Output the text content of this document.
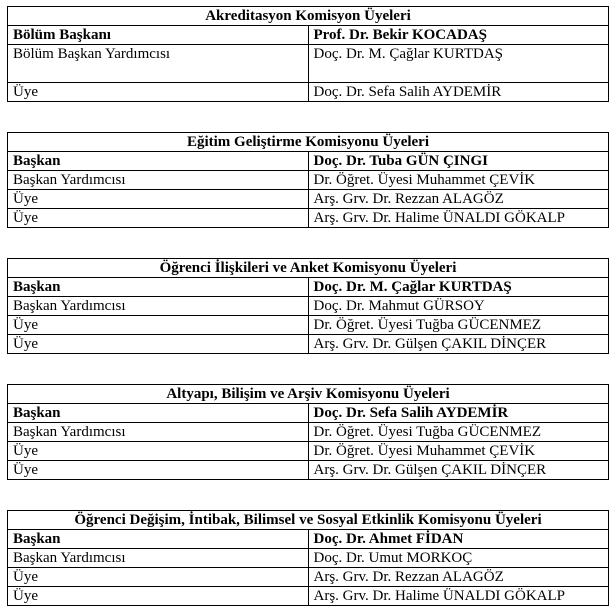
Akreditasyon Komisyon Üyeleri	
Bölüm Başkanı	Prof. Dr. Bekir KOCADAŞ
Bölüm Başkan Yardımcısı	Doç. Dr. M. Çağlar KURTDAŞ
Üye	Doç. Dr. Sefa Salih AYDEMİR
Eğitim Geliştirme Komisyonu Üyeleri	
Başkan	Doç. Dr. Tuba GÜN ÇINGI
Başkan Yardımcısı	Dr. Öğret. Üyesi Muhammet ÇEVİK
Üye	Arş. Grv. Dr. Rezzan ALAGÖZ
Üye	Arş. Grv. Dr. Halime ÜNALDI GÖKALP
Öğrenci İlişkileri ve Anket Komisyonu Üyeleri	
Başkan	Doç. Dr. M. Çağlar KURTDAŞ
Başkan Yardımcısı	Doç. Dr. Mahmut GÜRSOY
Üye	Dr. Öğret. Üyesi Tuğba GÜCENMEZ
Üye	Arş. Grv. Dr. Gülşen ÇAKIL DİNÇER
Altyapı, Bilişim ve Arşiv Komisyonu Üyeleri	
Başkan	Doç. Dr. Sefa Salih AYDEMİR
Başkan Yardımcısı	Dr. Öğret. Üyesi Tuğba GÜCENMEZ
Üye	Dr. Öğret. Üyesi Muhammet ÇEVİK
Üye	Arş. Grv. Dr. Gülşen ÇAKIL DİNÇER
Öğrenci Değişim, İntibak, Bilimsel ve Sosyal Etkinlik Komisyonu Üyeleri	
Başkan	Doç. Dr. Ahmet FİDAN
Başkan Yardımcısı	Doç. Dr. Umut MORKOÇ
Üye	Arş. Grv. Dr. Rezzan ALAGÖZ
Üye	Arş. Grv. Dr. Halime ÜNALDI GÖKALP
